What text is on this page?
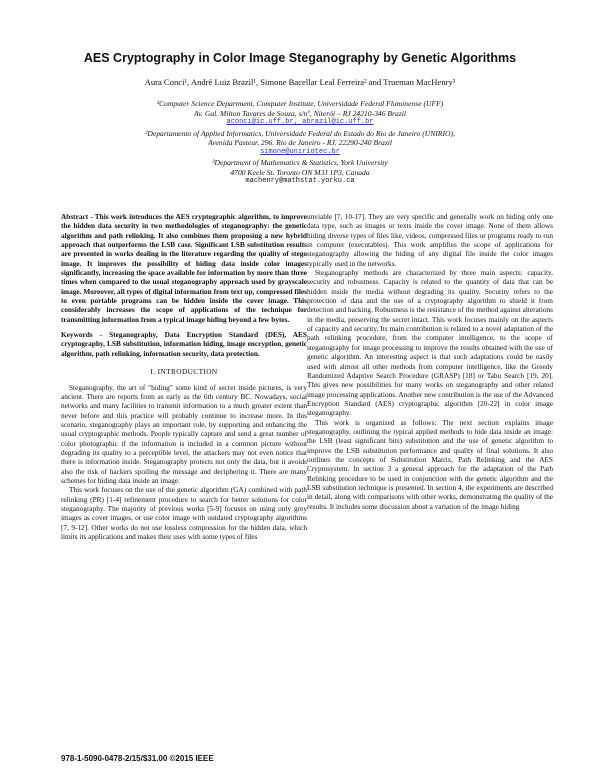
AES Cryptography in Color Image Steganography by Genetic Algorithms
Aura Conci¹, André Luiz Brazil¹, Simone Bacellar Leal Ferreira² and Trueman MacHenry³
¹Computer Science Department, Computer Institute, Universidade Federal Fluminense (UFF)
Av. Gal. Milton Tavares de Souza, s/nº, Niterói – RJ 24210-346 Brazil
aconci@ic.uff.br, abrazil@ic.uff.br
²Departamento of Applied Informatics, Universidade Federal do Estado do Rio de Janeiro (UNIRIO),
Avenida Pasteur, 296. Rio de Janeiro - RJ. 22290-240 Brazil
simone@uniriotec.br
³Department of Mathematics & Statistics, York University
4700 Keele St. Toronto ON M3J 1P3, Canada
machenry@mathstat.yorku.ca

Abstract - This work introduces the AES cryptographic algorithm, to improve the hidden data security in two methodologies of steganography: the genetic algorithm and path relinking. It also combines them proposing a new hybrid approach that outperforms the LSB case. Significant LSB substitution results are presented in works dealing in the literature regarding the quality of stego image. It improves the possibility of hiding data inside color images significantly, increasing the space available for information by more than three times when compared to the usual steganography approach used by grayscale image. Moreover, all types of digital information from text up, compressed files to even portable programs can be hidden inside the cover image. This considerably increases the scope of applications of the technique for transmitting information from a typical image hiding beyond a few bytes.

Keywords - Steganography, Data Encryption Standard (DES), AES cryptography, LSB substitution, information hiding, image encryption, genetic algorithm, path relinking, information security, data protection.

I. INTRODUCTION

Steganography, the art of "hiding" some kind of secret inside pictures, is very ancient. There are reports from as early as the 6th century BC. Nowadays, social networks and many facilities to transmit information to a much greater extent than never before and this practice will probably continue to increase more. In this scenario, steganography plays an important role, by supporting and enhancing the usual cryptographic methods. People typically capture and send a great number of color photographic if the information is included in a common picture without degrading its quality to a perceptible level, the attackers may not even notice that there is information inside. Steganography protects not only the data, but it avoids also the risk of hackers spoiling the message and deciphering it. There are many schemes for hiding data inside an image.

This work focuses on the use of the genetic algorithm (GA) combined with path relinking (PR) [1-4] refinement procedure to search for better solutions for color steganography. The majority of previous works [5-9] focuses on using only grey images as cover images, or use color image with outdated cryptography algorithms [7, 9-12]. Other works do not use lossless compression for the hidden data, which limits its applications and makes their uses with some types of files

unviable [7, 10-17]. They are very specific and generally work on hiding only one data type, such as images or texts inside the cover image. None of them allows hiding diverse types of files like, videos, compressed files or programs ready to run in computer (executables). This work amplifies the scope of applications for steganography allowing the hiding of any digital file inside the color images typically used in the networks.

Steganography methods are characterized by three main aspects: capacity, security and robustness. Capacity is related to the quantity of data that can be hidden inside the media without degrading its quality. Security refers to the protection of data and the use of a cryptography algorithm to shield it from detection and hacking. Robustness is the resistance of the method against alterations in the media, preserving the secret intact. This work focuses mainly on the aspects of capacity and security. Its main contribution is related to a novel adaptation of the path relinking procedure, from the computer intelligence, to the scope of steganography for image processing to improve the results obtained with the use of genetic algorithm. An interesting aspect is that such adaptations could be easily used with almost all other methods from computer intelligence, like the Greedy Randomized Adaptive Search Procedure (GRASP) [18] or Tabu Search [19, 20]. This gives new possibilities for many works on steganography and other related image processing applications. Another new contribution is the use of the Advanced Encryption Standard (AES) cryptographic algorithm [20-22] in color image steganography.

This work is organized as follows: The next section explains image steganography, outlining the typical applied methods to hide data inside an image: the LSB (least significant bits) substitution and the use of genetic algorithm to improve the LSB substitution performance and quality of final solutions. It also outlines the concepts of Substitution Matrix, Path Relinking and the AES Cryptosystem. In section 3 a general approach for the adaptation of the Path Relinking procedure to be used in conjunction with the genetic algorithm and the LSB substitution technique is presented. In section 4, the experiments are described in detail, along with comparisons with other works, demonstrating the quality of the results. It includes some discussion about a variation of the image hiding

978-1-5090-0478-2/15/$31.00 ©2015 IEEE
